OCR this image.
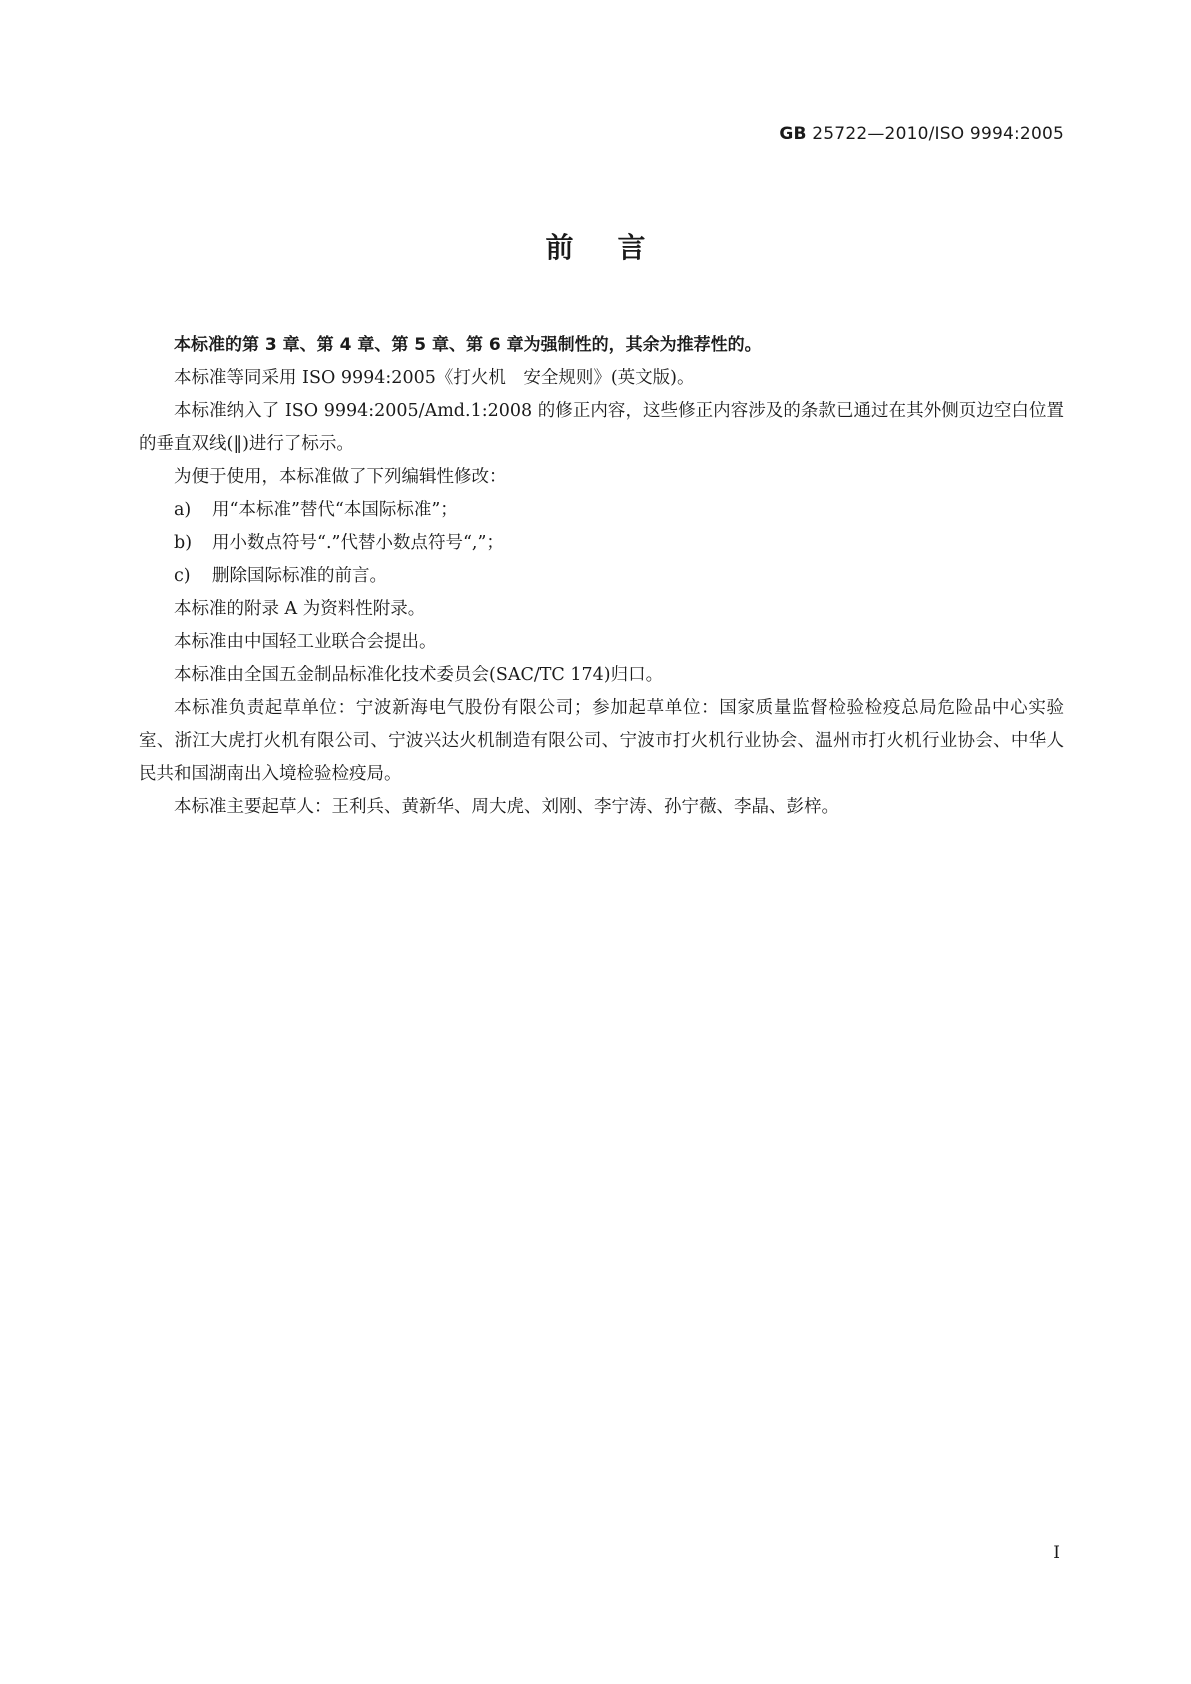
GB 25722—2010/ISO 9994:2005
前言

本标准的第 3 章、第 4 章、第 5 章、第 6 章为强制性的，其余为推荐性的。

本标准等同采用 ISO 9994:2005《打火机　安全规则》(英文版)。

本标准纳入了 ISO 9994:2005/Amd.1:2008 的修正内容，这些修正内容涉及的条款已通过在其外侧页边空白位置的垂直双线(‖)进行了标示。

为便于使用，本标准做了下列编辑性修改：

a)	用“本标准”替代“本国际标准”；
b)	用小数点符号“.”代替小数点符号“,”；
c)	删除国际标准的前言。

本标准的附录 A 为资料性附录。

本标准由中国轻工业联合会提出。

本标准由全国五金制品标准化技术委员会(SAC/TC 174)归口。

本标准负责起草单位：宁波新海电气股份有限公司；参加起草单位：国家质量监督检验检疫总局危险品中心实验室、浙江大虎打火机有限公司、宁波兴达火机制造有限公司、宁波市打火机行业协会、温州市打火机行业协会、中华人民共和国湖南出入境检验检疫局。

本标准主要起草人：王利兵、黄新华、周大虎、刘刚、李宁涛、孙宁薇、李晶、彭梓。

I
